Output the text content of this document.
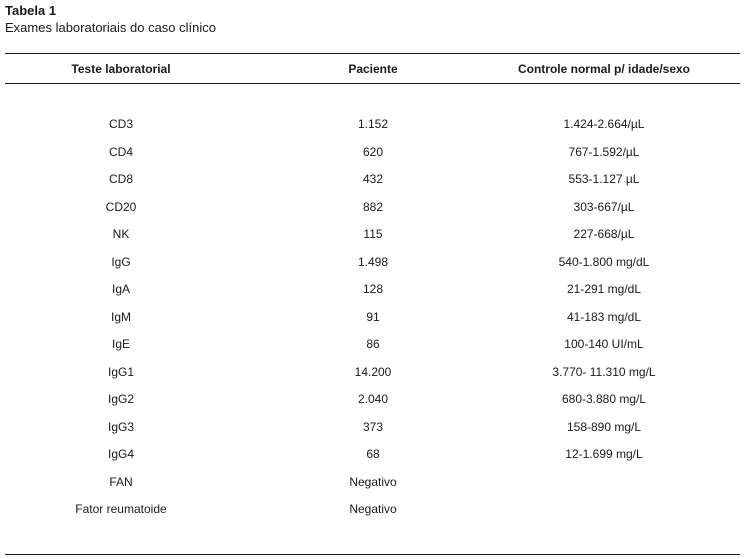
Tabela 1
Exames laboratoriais do caso clínico
Teste laboratorial	Paciente	Controle normal p/ idade/sexo
CD3	1.152	1.424-2.664/µL
CD4	620	767-1.592/µL
CD8	432	553-1.127 µL
CD20	882	303-667/µL
NK	115	227-668/µL
IgG	1.498	540-1.800 mg/dL
IgA	128	21-291 mg/dL
IgM	91	41-183 mg/dL
IgE	86	100-140 UI/mL
IgG1	14.200	3.770- 11.310 mg/L
IgG2	2.040	680-3.880 mg/L
IgG3	373	158-890 mg/L
IgG4	68	12-1.699 mg/L
FAN	Negativo
Fator reumatoide	Negativo
